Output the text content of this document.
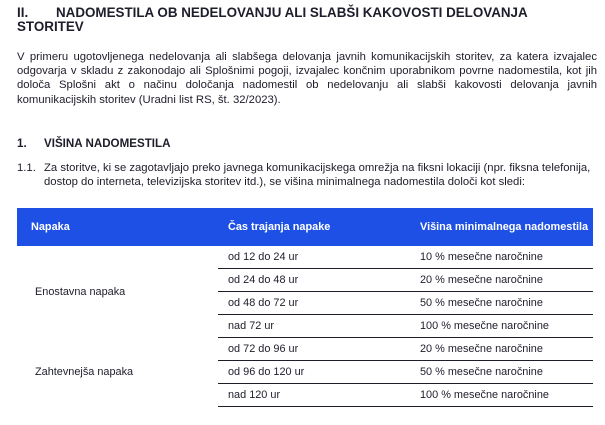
II. NADOMESTILA OB NEDELOVANJU ALI SLABŠI KAKOVOSTI DELOVANJA STORITEV
V primeru ugotovljenega nedelovanja ali slabšega delovanja javnih komunikacijskih storitev, za katera izvajalec odgovarja v skladu z zakonodajo ali Splošnimi pogoji, izvajalec končnim uporabnikom povrne nadomestila, kot jih določa Splošni akt o načinu določanja nadomestil ob nedelovanju ali slabši kakovosti delovanja javnih komunikacijskih storitev (Uradni list RS, št. 32/2023).
1. VIŠINA NADOMESTILA
1.1. Za storitve, ki se zagotavljajo preko javnega komunikacijskega omrežja na fiksni lokaciji (npr. fiksna telefonija, dostop do interneta, televizijska storitev itd.), se višina minimalnega nadomestila določi kot sledi:
Napaka	Čas trajanja napake	Višina minimalnega nadomestila
Enostavna napaka	od 12 do 24 ur	10 % mesečne naročnine
	od 24 do 48 ur	20 % mesečne naročnine
	od 48 do 72 ur	50 % mesečne naročnine
	nad 72 ur	100 % mesečne naročnine
Zahtevnejša napaka	od 72 do 96 ur	20 % mesečne naročnine
	od 96 do 120 ur	50 % mesečne naročnine
	nad 120 ur	100 % mesečne naročnine
